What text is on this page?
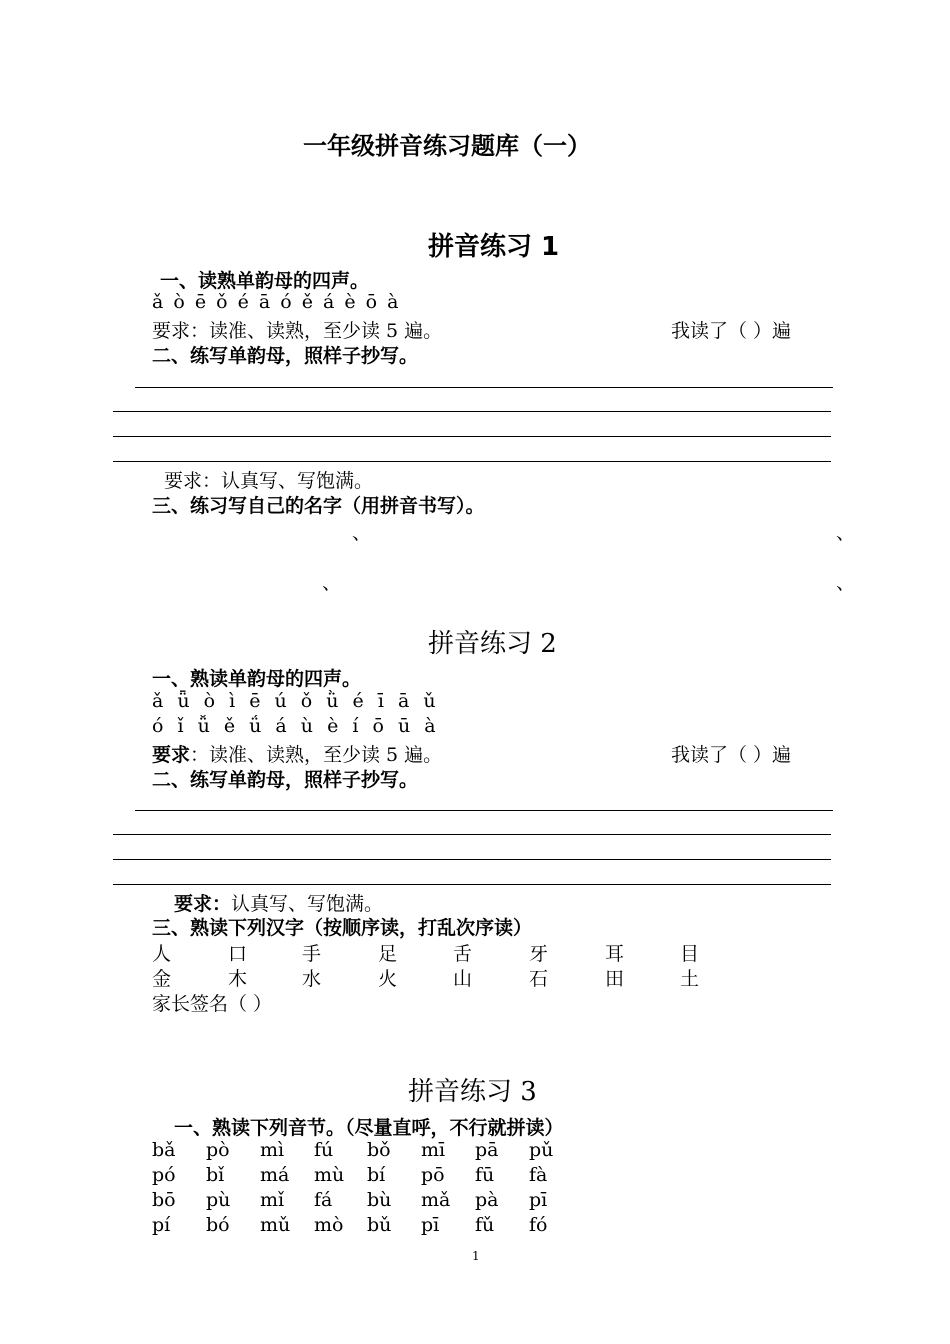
一年级拼音练习题库（一）
拼音练习 1
一、读熟单韵母的四声。
ǎ ò ē ǒ é ā ó ě á è ō à
要求：读准、读熟，至少读 5 遍。	我读了（ ）遍
二、练写单韵母，照样子抄写。
要求：认真写、写饱满。
三、练习写自己的名字（用拼音书写）。
、	、
、	、
拼音练习 2
一、熟读单韵母的四声。
ǎ ǖ ò ì ē ú ǒ ǜ é ī ā ǔ
ó ǐ ǚ ě ǘ á ù è í ō ū à
要求：读准、读熟，至少读 5 遍。	我读了（ ）遍
二、练写单韵母，照样子抄写。
要求：认真写、写饱满。
三、熟读下列汉字（按顺序读，打乱次序读）
人	口	手	足	舌	牙	耳	目
金	木	水	火	山	石	田	土
家长签名（ ）
拼音练习 3
一、熟读下列音节。（尽量直呼，不行就拼读）
bǎ pò mì fú bǒ mī pā pǔ
pó bǐ má mù bí pō fū fà
bō pù mǐ fá bù mǎ pà pī
pí bó mǔ mò bǔ pī fǔ fó
1
